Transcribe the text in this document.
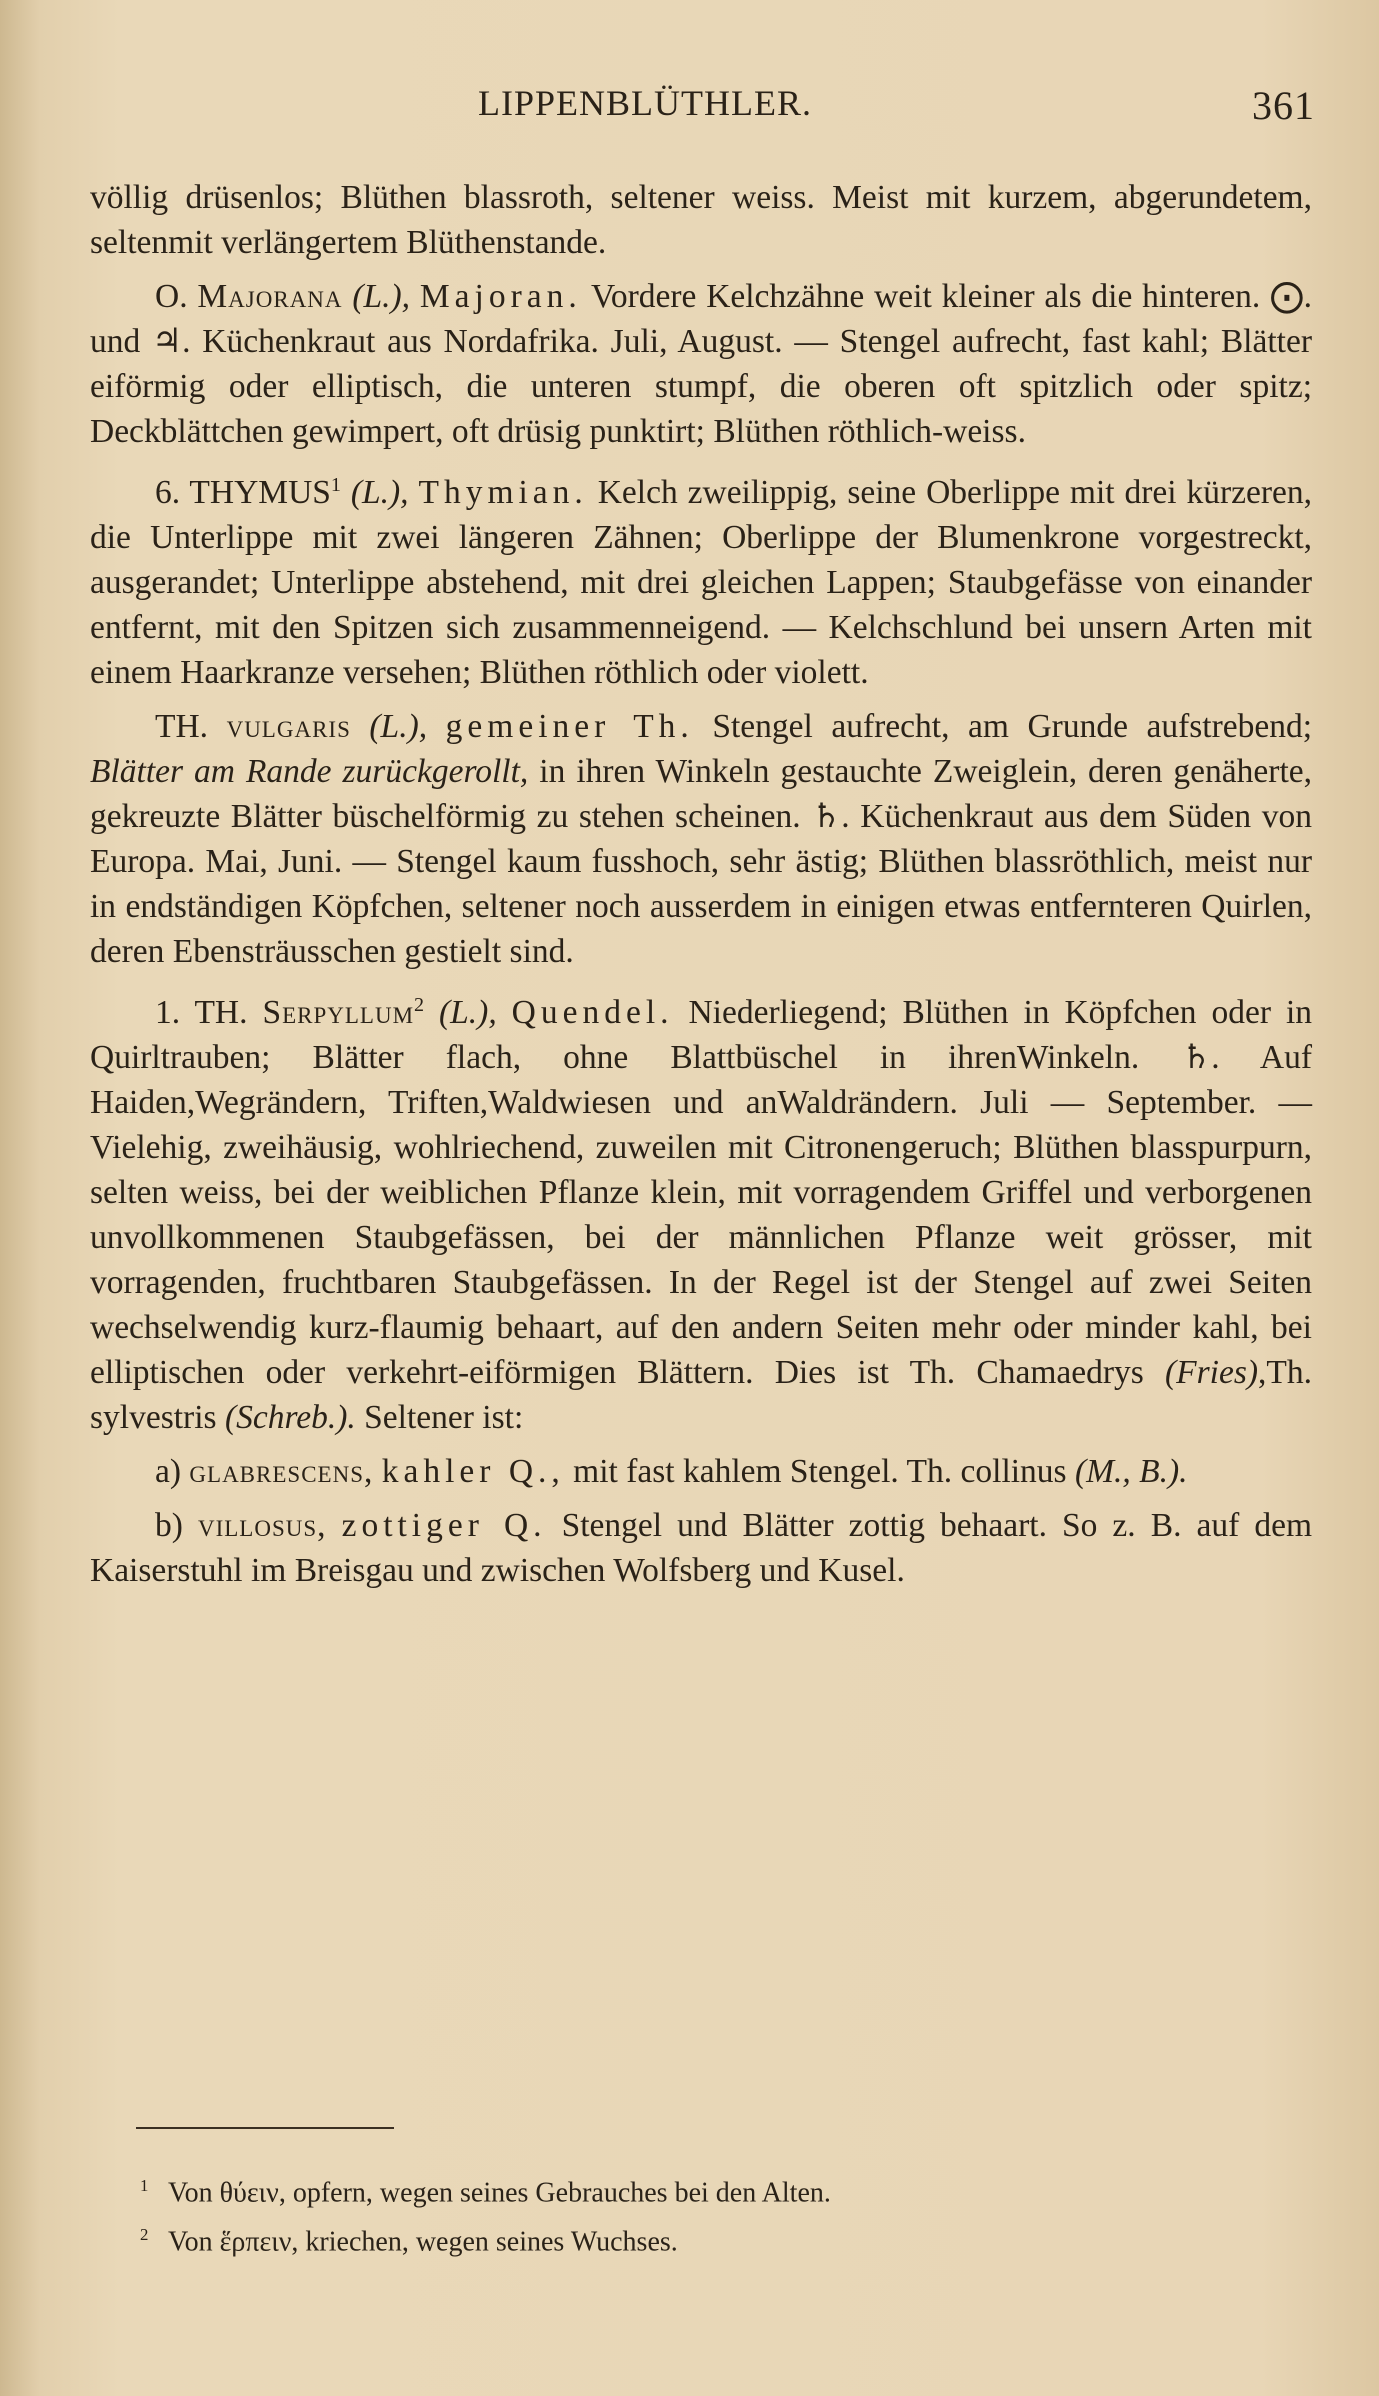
LIPPENBLÜTHLER.	361

völlig drüsenlos; Blüthen blassroth, seltener weiss. Meist mit kurzem, abgerundetem, seltenmit verlängertem Blüthenstande.

O. Majorana (L.), Majoran. Vordere Kelchzähne weit kleiner als die hinteren. ⨀. und ♃. Küchenkraut aus Nordafrika. Juli, August. — Stengel aufrecht, fast kahl; Blätter eiförmig oder elliptisch, die unteren stumpf, die oberen oft spitzlich oder spitz; Deckblättchen gewimpert, oft drüsig punktirt; Blüthen röthlich-weiss.

6. THYMUS$^1$ (L.), Thymian. Kelch zweilippig, seine Oberlippe mit drei kürzeren, die Unterlippe mit zwei längeren Zähnen; Oberlippe der Blumenkrone vorgestreckt, ausgerandet; Unterlippe abstehend, mit drei gleichen Lappen; Staubgefässe von einander entfernt, mit den Spitzen sich zusammenneigend. — Kelchschlund bei unsern Arten mit einem Haarkranze versehen; Blüthen röthlich oder violett.

TH. vulgaris (L.), gemeiner Th. Stengel aufrecht, am Grunde aufstrebend; Blätter am Rande zurückgerollt, in ihren Winkeln gestauchte Zweiglein, deren genäherte, gekreuzte Blätter büschelförmig zu stehen scheinen. ♄. Küchenkraut aus dem Süden von Europa. Mai, Juni. — Stengel kaum fusshoch, sehr ästig; Blüthen blassröthlich, meist nur in endständigen Köpfchen, seltener noch ausserdem in einigen etwas entfernteren Quirlen, deren Ebensträusschen gestielt sind.

1. TH. Serpyllum$^2$ (L.), Quendel. Niederliegend; Blüthen in Köpfchen oder in Quirltrauben; Blätter flach, ohne Blattbüschel in ihrenWinkeln. ♄. Auf Haiden,Wegrändern, Triften,Waldwiesen und anWaldrändern. Juli — September. —Vielehig, zweihäusig, wohlriechend, zuweilen mit Citronengeruch; Blüthen blasspurpurn, selten weiss, bei der weiblichen Pflanze klein, mit vorragendem Griffel und verborgenen unvollkommenen Staubgefässen, bei der männlichen Pflanze weit grösser, mit vorragenden, fruchtbaren Staubgefässen. In der Regel ist der Stengel auf zwei Seiten wechselwendig kurz-flaumig behaart, auf den andern Seiten mehr oder minder kahl, bei elliptischen oder verkehrt-eiförmigen Blättern. Dies ist Th. Chamaedrys (Fries),Th. sylvestris (Schreb.). Seltener ist:

a) glabrescens, kahler Q., mit fast kahlem Stengel. Th. collinus (M., B.).

b) villosus, zottiger Q. Stengel und Blätter zottig behaart. So z. B. auf dem Kaiserstuhl im Breisgau und zwischen Wolfsberg und Kusel.

$^1$ Von θύειν, opfern, wegen seines Gebrauches bei den Alten.

$^2$ Von ἕρπειν, kriechen, wegen seines Wuchses.
